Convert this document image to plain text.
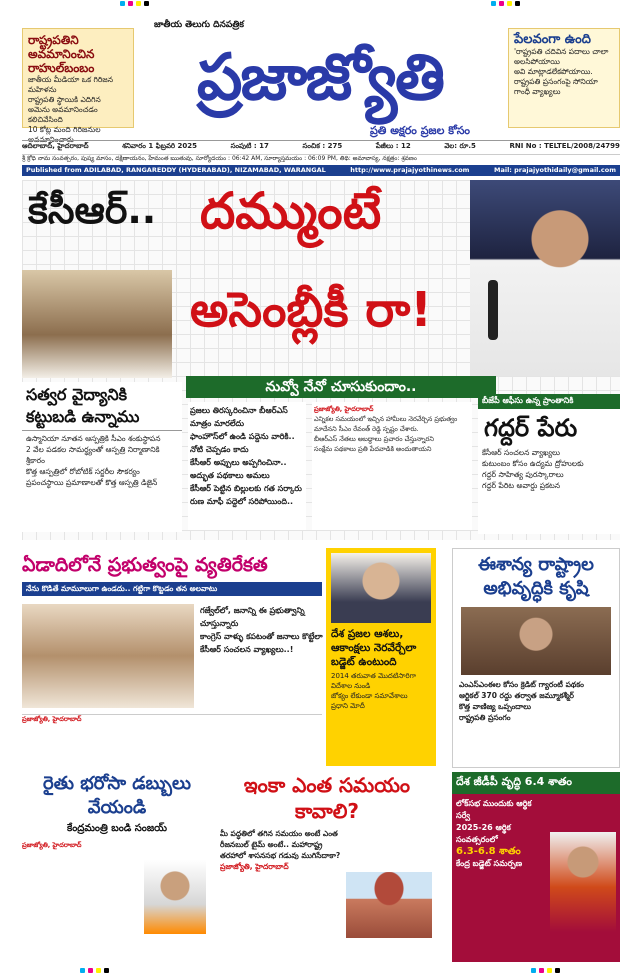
రాష్ట్రపతిని అవమానించిన రాహుల్‌బంబం

జాతీయ మీడియా ఒక గిరిజన మహిళను

రాష్ట్రపతి స్థాయికి ఎదిగిన

అమెను అవమానించడం కలిచివేసింది

10 కోట్ల మంది గిరిజనుల అవమానించారు

జాతీయ తెలుగు దినపత్రిక
ప్రజాజ్యోతి
ప్రతి అక్షరం ప్రజల కోసం
పేలవంగా ఉంది

'రాష్ట్రపతి చదివిన పదాలు చాలా అలసిపోయాయి

అవి మాట్లాడలేకపోయాయి.

రాష్ట్రపతి ప్రసంగంపై సోనియా గాంధీ వ్యాఖ్యలు

ఆదిలాబాద్, హైదరాబాద్	శనివారం 1 ఫిబ్రవరి 2025	సంపుటి : 17	సంచిక : 275	పేజీలు : 12	వెల: రూ.5	RNI No : TELTEL/2008/24799
శ్రీ క్రోధి నామ సంవత్సరం, పుష్య మాసం, దక్షిణాయనం, హేమంత ఋతువు, సూర్యోదయం : 06:42 AM, సూర్యాస్తమయం : 06:09 PM, తిథి: అమావాస్య, నక్షత్రం: శ్రవణం
Published from ADILABAD, RANGAREDDY (HYDERABAD), NIZAMABAD, WARANGAL	http://www.prajajyothinews.com	Mail: prajajyothidaily@gmail.com
కేసీఆర్‌.. దమ్ముంటే
అసెంబ్లీకీ రా!
నువ్వో నేనో చూసుకుందాం..
సత్వర వైద్యానికి కట్టుబడి ఉన్నాము

ఉస్మానియా నూతన ఆస్పత్రికి సీఎం శంకుస్థాపన

2 వేల పడకల సామర్థ్యంతో ఆస్పత్రి నిర్మాణానికి శ్రీకారం

కొత్త ఆస్పత్రిలో రోబోటిక్ సర్జరీల సౌకర్యం

ప్రపంచస్థాయి ప్రమాణాలతో కొత్త ఆస్పత్రి డిజైన్

ప్రజలు తిరస్కరించినా బీఆర్ఎస్ మాత్రం మారలేదు

ఫాంహౌస్‌లో ఉండి పద్దెను వారికి.. నోటి చెప్పడం కాదు

కేసీఆర్ అప్పులు అప్పగించినా.. అద్భుత పథకాలు అమలు

కేసీఆర్ పెట్టిన బిల్లులకు గత సర్కారు

రుణ మాఫీ పద్దెలో సరిపోయింది..

ప్రజాజ్యోతి, హైదరాబాద్

ఎన్నికల సమయంలో ఇచ్చిన హామీలు నెరవేర్చిన ప్రభుత్వం

మాదేనని సీఎం రేవంత్ రెడ్డి స్పష్టం చేశారు.

బీఆర్ఎస్ నేతలు అబద్ధాలు ప్రచారం చేస్తున్నారని

సంక్షేమ పథకాలు ప్రతి పేదవాడికి అందుతాయని

బీజేపీ ఆఫీసు ఉన్న ప్రాంతానికి
గద్దర్ పేరు

కేసీఆర్ సంచలన వ్యాఖ్యలు

కుటుంబం కోసం ఉద్యమ ద్రోహులకు

గద్దర్ సాహిత్య పురస్కారాలు

గద్దర్ పేరిట అవార్డు ప్రకటన

ఏడాదిలోనే ప్రభుత్వంపై వ్యతిరేకత
నేను కొడితే మామూలుగా ఉండదు.. గట్టిగా కొట్టడం తన అలవాటు

గజ్వేల్‌లో, జనాన్ని ఈ ప్రభుత్వాన్ని చూస్తున్నారు

కాంగ్రెస్ వాళ్ళు కపటంతో జనాలు కొట్టేలా

కేసీఆర్ సంచలన వ్యాఖ్యలు..!

ప్రజాజ్యోతి, హైదరాబాద్

దేశ ప్రజల ఆశలు, ఆకాంక్షలు నెరవేర్చేలా బడ్జెట్ ఉంటుంది

2014 తరువాత మొదటిసారిగా విదేశాల నుండి

జోక్యం లేకుండా సమావేశాలు

ప్రధాని మోదీ

ఈశాన్య రాష్ట్రాల అభివృద్ధికి కృషి

ఎంఎస్ఎంఈల కోసం క్రెడిట్ గ్యారంటీ పథకం

ఆర్టికల్ 370 రద్దు తర్వాత జమ్మూకశ్మీర్

కొత్త వాణిజ్య ఒప్పందాలు

రాష్ట్రపతి ప్రసంగం

రైతు భరోసా డబ్బులు వేయండి
కేంద్రమంత్రి బండి సంజయ్
ప్రజాజ్యోతి, హైదరాబాద్
ఇంకా ఎంత సమయం కావాలి?

మీ పద్ధతిలో తగిన సమయం అంటే ఎంత

రీజనబుల్ టైమ్ అంటే.. మహారాష్ట్ర

తరహాలో శాసనసభ గడువు ముగిసేదాకా?

ప్రజాజ్యోతి, హైదరాబాద్

దేశ జీడీపీ వృద్ధి 6.4 శాతం

లోక్‌సభ ముందుకు ఆర్థిక సర్వే

2025-26 ఆర్థిక సంవత్సరంలో

6.3-6.8 శాతం

కేంద్ర బడ్జెట్ సమర్పణ
